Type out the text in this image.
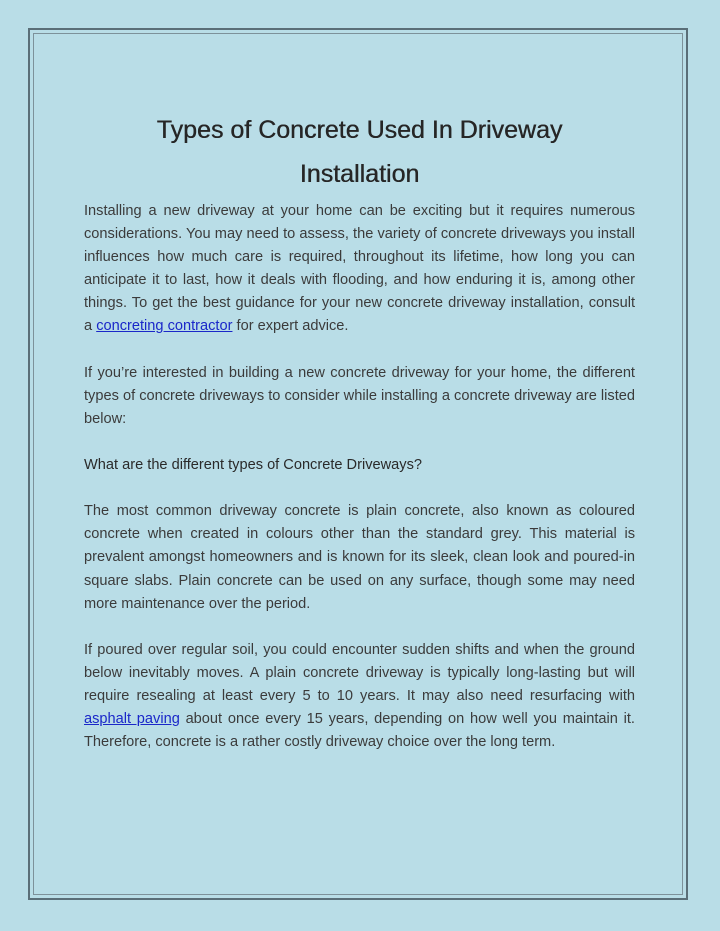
Types of Concrete Used In Driveway
Installation

Installing a new driveway at your home can be exciting but it requires numerous considerations. You may need to assess, the variety of concrete driveways you install influences how much care is required, throughout its lifetime, how long you can anticipate it to last, how it deals with flooding, and how enduring it is, among other things. To get the best guidance for your new concrete driveway installation, consult a concreting contractor for expert advice.

If you’re interested in building a new concrete driveway for your home, the different types of concrete driveways to consider while installing a concrete driveway are listed below:

What are the different types of Concrete Driveways?

The most common driveway concrete is plain concrete, also known as coloured concrete when created in colours other than the standard grey. This material is prevalent amongst homeowners and is known for its sleek, clean look and poured-in square slabs. Plain concrete can be used on any surface, though some may need more maintenance over the period.

If poured over regular soil, you could encounter sudden shifts and when the ground below inevitably moves. A plain concrete driveway is typically long-lasting but will require resealing at least every 5 to 10 years. It may also need resurfacing with asphalt paving about once every 15 years, depending on how well you maintain it. Therefore, concrete is a rather costly driveway choice over the long term.
